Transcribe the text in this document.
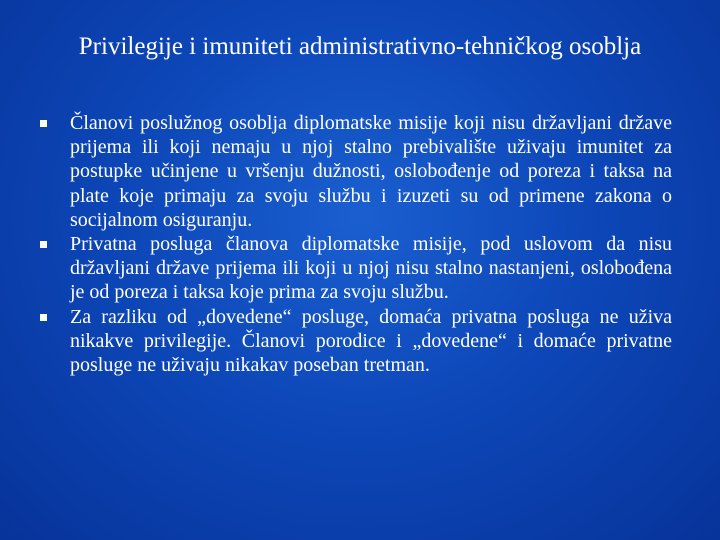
Privilegije i imuniteti administrativno-tehničkog osoblja
Članovi poslužnog osoblja diplomatske misije koji nisu državljani države prijema ili koji nemaju u njoj stalno prebivalište uživaju imunitet za postupke učinjene u vršenju dužnosti, oslobođenje od poreza i taksa na plate koje primaju za svoju službu i izuzeti su od primene zakona o socijalnom osiguranju.
Privatna posluga članova diplomatske misije, pod uslovom da nisu državljani države prijema ili koji u njoj nisu stalno nastanjeni, oslobođena je od poreza i taksa koje prima za svoju službu.
Za razliku od „dovedene“ posluge, domaća privatna posluga ne uživa nikakve privilegije. Članovi porodice i „dovedene“ i domaće privatne posluge ne uživaju nikakav poseban tretman.
